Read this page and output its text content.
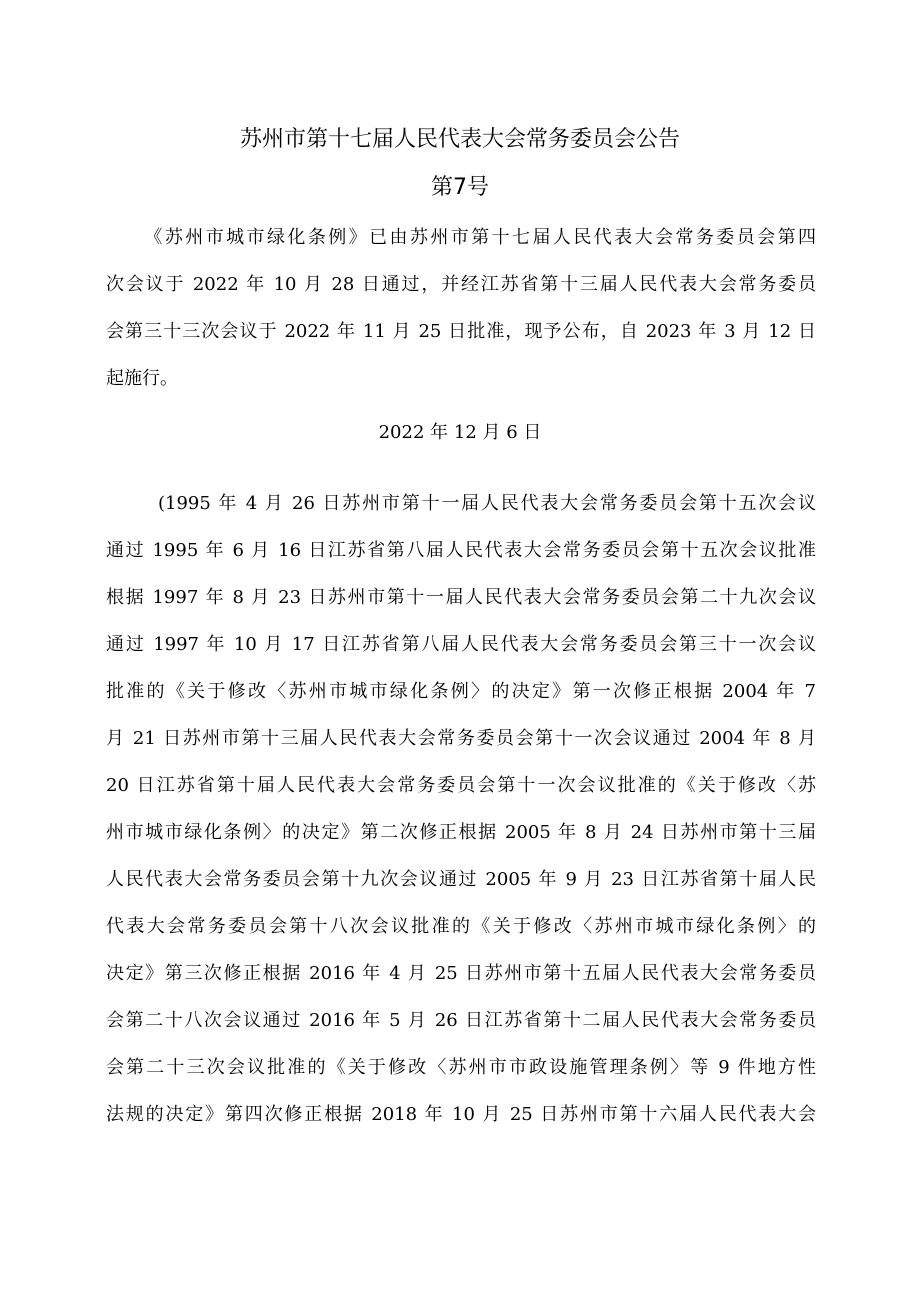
苏州市第十七届人民代表大会常务委员会公告
第7号
《苏州市城市绿化条例》已由苏州市第十七届人民代表大会常务委员会第四
次会议于 2022 年 10 月 28 日通过，并经江苏省第十三届人民代表大会常务委员
会第三十三次会议于 2022 年 11 月 25 日批准，现予公布，自 2023 年 3 月 12 日
起施行。
2022 年 12 月 6 日
(1995 年 4 月 26 日苏州市第十一届人民代表大会常务委员会第十五次会议
通过 1995 年 6 月 16 日江苏省第八届人民代表大会常务委员会第十五次会议批准
根据 1997 年 8 月 23 日苏州市第十一届人民代表大会常务委员会第二十九次会议
通过 1997 年 10 月 17 日江苏省第八届人民代表大会常务委员会第三十一次会议
批准的《关于修改〈苏州市城市绿化条例〉的决定》第一次修正根据 2004 年 7
月 21 日苏州市第十三届人民代表大会常务委员会第十一次会议通过 2004 年 8 月
20 日江苏省第十届人民代表大会常务委员会第十一次会议批准的《关于修改〈苏
州市城市绿化条例〉的决定》第二次修正根据 2005 年 8 月 24 日苏州市第十三届
人民代表大会常务委员会第十九次会议通过 2005 年 9 月 23 日江苏省第十届人民
代表大会常务委员会第十八次会议批准的《关于修改〈苏州市城市绿化条例〉的
决定》第三次修正根据 2016 年 4 月 25 日苏州市第十五届人民代表大会常务委员
会第二十八次会议通过 2016 年 5 月 26 日江苏省第十二届人民代表大会常务委员
会第二十三次会议批准的《关于修改〈苏州市市政设施管理条例〉等 9 件地方性
法规的决定》第四次修正根据 2018 年 10 月 25 日苏州市第十六届人民代表大会
